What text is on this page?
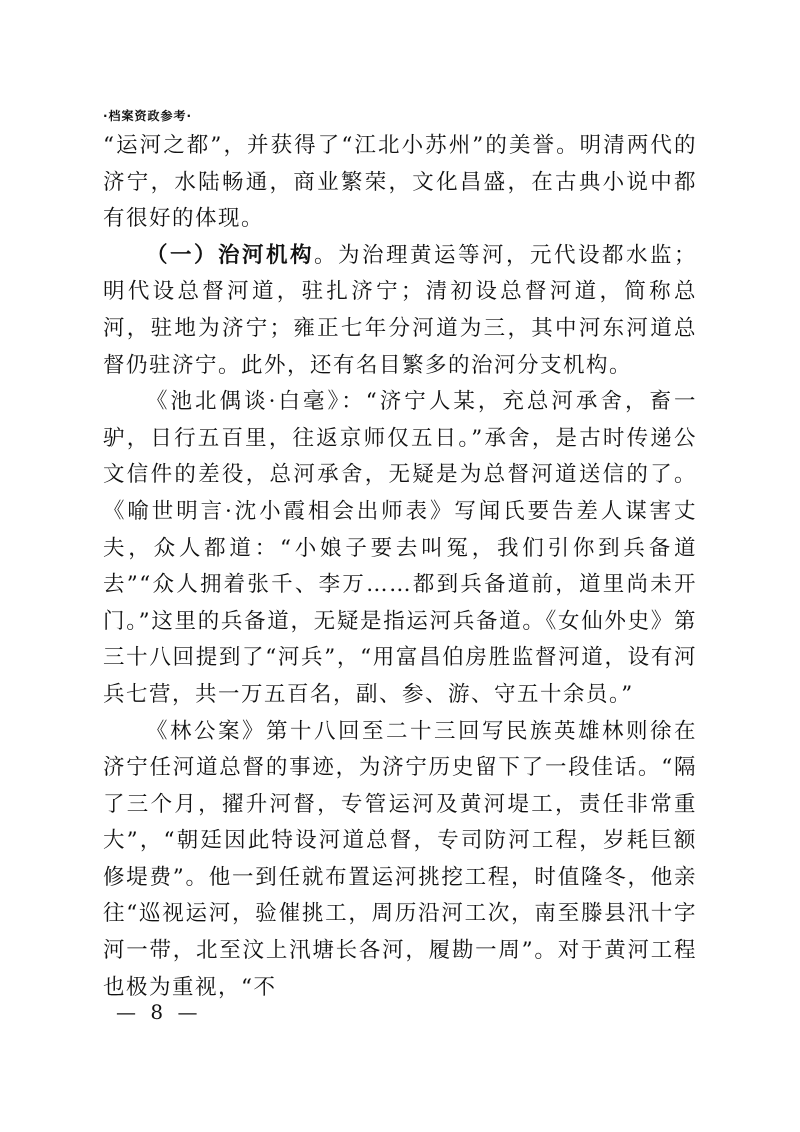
·档案资政参考·

“运河之都”，并获得了“江北小苏州”的美誉。明清两代的济宁，水陆畅通，商业繁荣，文化昌盛，在古典小说中都有很好的体现。

（一）治河机构。为治理黄运等河，元代设都水监；明代设总督河道，驻扎济宁；清初设总督河道，简称总河，驻地为济宁；雍正七年分河道为三，其中河东河道总督仍驻济宁。此外，还有名目繁多的治河分支机构。

《池北偶谈·白毫》：“济宁人某，充总河承舍，畜一驴，日行五百里，往返京师仅五日。”承舍，是古时传递公文信件的差役，总河承舍，无疑是为总督河道送信的了。《喻世明言·沈小霞相会出师表》写闻氏要告差人谋害丈夫，众人都道：“小娘子要去叫冤，我们引你到兵备道去”“众人拥着张千、李万……都到兵备道前，道里尚未开门。”这里的兵备道，无疑是指运河兵备道。《女仙外史》第三十八回提到了“河兵”，“用富昌伯房胜监督河道，设有河兵七营，共一万五百名，副、参、游、守五十余员。”

《林公案》第十八回至二十三回写民族英雄林则徐在济宁任河道总督的事迹，为济宁历史留下了一段佳话。“隔了三个月，擢升河督，专管运河及黄河堤工，责任非常重大”，“朝廷因此特设河道总督，专司防河工程，岁耗巨额修堤费”。他一到任就布置运河挑挖工程，时值隆冬，他亲往“巡视运河，验催挑工，周历沿河工次，南至滕县汛十字河一带，北至汶上汛塘长各河，履勘一周”。对于黄河工程也极为重视，“不

— 8 —
